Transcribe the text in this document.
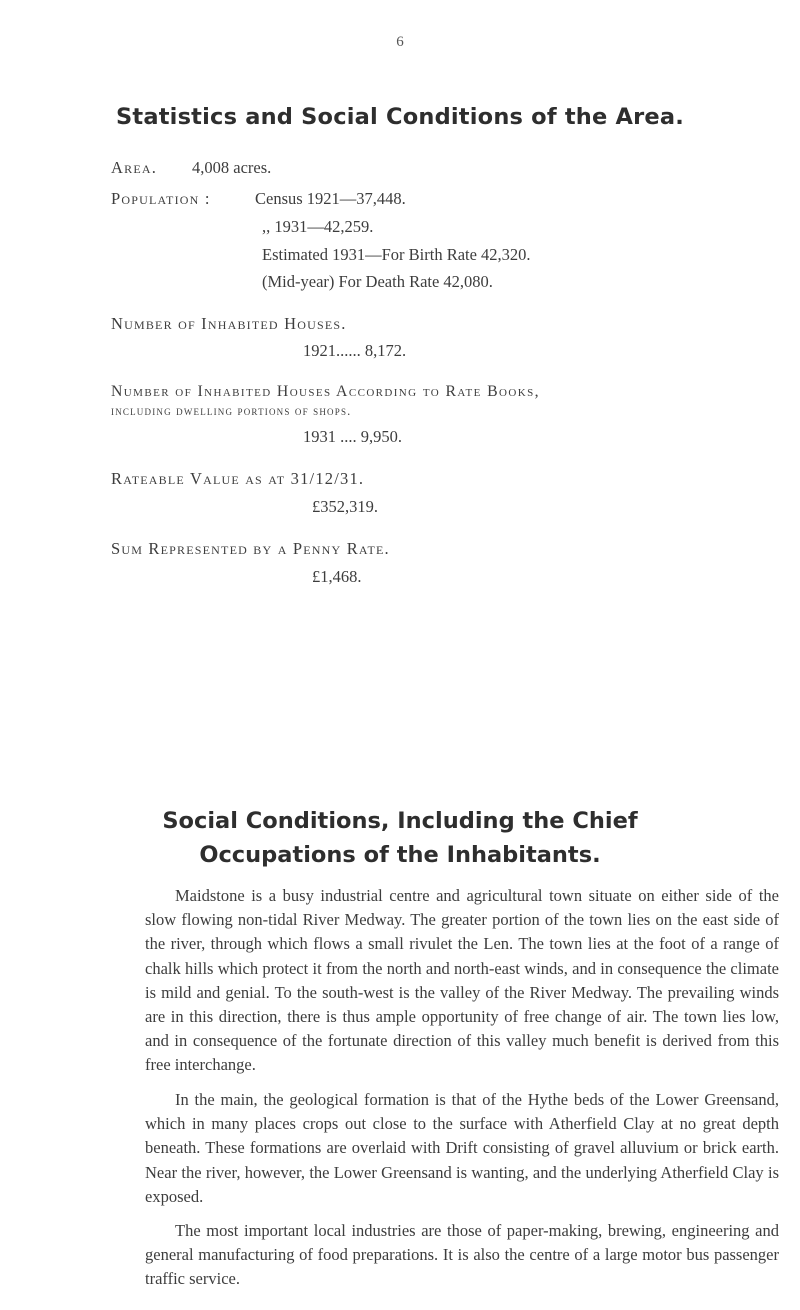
6
Statistics and Social Conditions of the Area.
Area. 4,008 acres.
Population :	Census 1921—37,448.
,, 1931—42,259.
Estimated 1931—For Birth Rate 42,320.
(Mid-year) For Death Rate 42,080.
Number of Inhabited Houses.
1921...... 8,172.
Number of Inhabited Houses According to Rate Books,
including dwelling portions of shops.
1931 .... 9,950.
Rateable Value as at 31/12/31.
£352,319.
Sum Represented by a Penny Rate.
£1,468.
Social Conditions, Including the Chief
Occupations of the Inhabitants.

Maidstone is a busy industrial centre and agricultural town situate on either side of the slow flowing non-tidal River Medway. The greater portion of the town lies on the east side of the river, through which flows a small rivulet the Len. The town lies at the foot of a range of chalk hills which protect it from the north and north-east winds, and in consequence the climate is mild and genial. To the south-west is the valley of the River Medway. The prevailing winds are in this direction, there is thus ample opportunity of free change of air. The town lies low, and in consequence of the fortunate direction of this valley much benefit is derived from this free interchange.

In the main, the geological formation is that of the Hythe beds of the Lower Greensand, which in many places crops out close to the surface with Atherfield Clay at no great depth beneath. These formations are overlaid with Drift consisting of gravel alluvium or brick earth. Near the river, however, the Lower Greensand is wanting, and the underlying Atherfield Clay is exposed.

The most important local industries are those of paper-making, brewing, engineering and general manufacturing of food preparations. It is also the centre of a large motor bus passenger traffic service.
